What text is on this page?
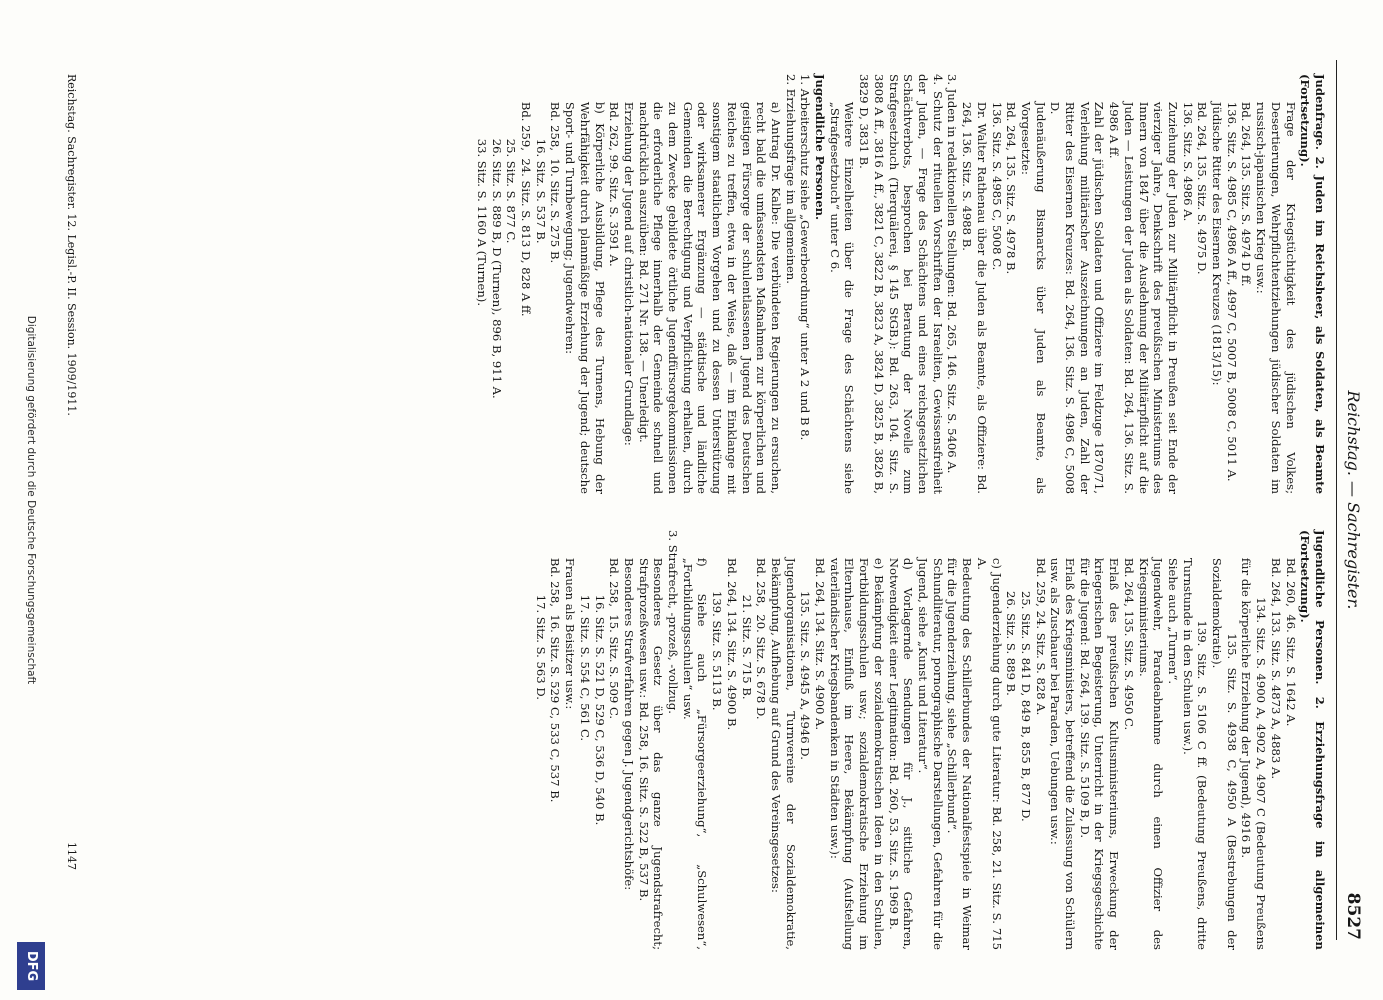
Reichstag. — Sachregister.
8527

Judenfrage. 2. Juden im Reichsheer, als Soldaten, als Beamte (Fortsetzung).

Frage der Kriegstüchtigkeit des jüdischen Volkes; Desertierungen, Wehrpflichtentziehungen jüdischer Soldaten im russisch-japanischen Krieg usw.:

Bd. 264, 135. Sitz. S. 4974 D ff.

136. Sitz. S. 4985 C, 4986 A ff., 4997 C, 5007 B, 5008 C, 5011 A.

Jüdische Ritter des Eisernen Kreuzes (1813/15):

Bd. 264, 135. Sitz. S. 4975 D.

136. Sitz. S. 4986 A.

Zuziehung der Juden zur Militärpflicht in Preußen seit Ende der vierziger Jahre, Denkschrift des preußischen Ministeriums des Innern von 1847 über die Ausdehnung der Militärpflicht auf die Juden — Leistungen der Juden als Soldaten: Bd. 264, 136. Sitz. S. 4986 A ff.

Zahl der jüdischen Soldaten und Offiziere im Feldzuge 1870/71, Verleihung militärischer Auszeichnungen an Juden, Zahl der Ritter des Eisernen Kreuzes: Bd. 264, 136. Sitz. S. 4986 C, 5008 D.

Judenäußerung Bismarcks über Juden als Beamte, als Vorgesetzte:

Bd. 264, 135. Sitz. S. 4978 B.

136. Sitz. S. 4985 C, 5008 C.

Dr. Walter Rathenau über die Juden als Beamte, als Offiziere: Bd. 264, 136. Sitz. S. 4988 B.

3. Juden in redaktionellen Stellungen: Bd. 265, 146. Sitz. S. 5406 A.

4. Schutz der rituellen Vorschriften der Israeliten, Gewissensfreiheit der Juden, — Frage des Schächtens und eines reichsgesetzlichen Schächtverbots, besprochen bei Beratung der Novelle zum Strafgesetzbuch (Tierquälerei, § 145 StGB.): Bd. 263, 104. Sitz. S. 3808 A ff., 3816 A ff., 3821 C, 3822 B, 3823 A, 3824 D, 3825 B, 3826 B, 3829 D, 3831 B.

Weitere Einzelheiten über die Frage des Schächtens siehe „Strafgesetzbuch“ unter C 6.

Jugendliche Personen.

1. Arbeiterschutz siehe „Gewerbeordnung“ unter A 2 und B 8.

2. Erziehungsfrage im allgemeinen.

a) Antrag Dr. Kalbe: Die verbündeten Regierungen zu ersuchen, recht bald die umfassendsten Maßnahmen zur körperlichen und geistigen Fürsorge der schulentlassenen Jugend des Deutschen Reiches zu treffen, etwa in der Weise, daß — im Einklange mit sonstigem staatlichem Vorgehen und zu dessen Unterstützung oder wirksamerer Ergänzung — städtische und ländliche Gemeinden die Berechtigung und Verpflichtung erhalten, durch zu dem Zwecke gebildete örtliche Jugendfürsorgekommissionen die erforderliche Pflege innerhalb der Gemeinde schnell und nachdrücklich auszuüben: Bd. 271 Nr. 138. — Unerledigt.

Erziehung der Jugend auf christlich-nationaler Grundlage:

Bd. 262, 99. Sitz. S. 3591 A.

b) Körperliche Ausbildung, Pflege des Turnens, Hebung der Wehrfähigkeit durch planmäßige Erziehung der Jugend; deutsche Sport- und Turnbewegung; Jugendwehren:

Bd. 258,  10. Sitz. S. 275 B.

16. Sitz. S. 537 B.

Bd. 259,  24. Sitz. S. 813 D, 828 A ff.

25. Sitz. S. 877 C.

26. Sitz. S. 889 B, D (Turnen), 896 B, 911 A.

33. Sitz. S. 1160 A (Turnen).

Jugendliche Personen. 2. Erziehungsfrage im allgemeinen (Fortsetzung).

Bd. 260,  46. Sitz. S. 1642 A.

Bd. 264, 133. Sitz. S. 4873 A, 4883 A.

134. Sitz. S. 4900 A, 4902 A, 4907 C (Bedeutung Preußens für die körperliche Erziehung der Jugend), 4916 B.

135. Sitz. S. 4938 C, 4950 A (Bestrebungen der Sozialdemokratie).

139. Sitz. S. 5106 C ff. (Bedeutung Preußens, dritte Turnstunde in den Schulen usw.).

Siehe auch „Turnen“.

Jugendwehr, Paradeabnahme durch einen Offizier des Kriegsministeriums.

Bd. 264, 135. Sitz. S. 4950 C.

Erlaß des preußischen Kultusministeriums, Erweckung der kriegerischen Begeisterung, Unterricht in der Kriegsgeschichte für die Jugend: Bd. 264, 139. Sitz. S. 5109 B, D.

Erlaß des Kriegsministers, betreffend die Zulassung von Schülern usw. als Zuschauer bei Paraden, Uebungen usw.:

Bd. 259, 24. Sitz. S. 828 A.

25. Sitz. S. 841 D, 849 B, 855 B, 877 D.

26. Sitz. S. 889 B.

c) Jugenderziehung durch gute Literatur: Bd. 258, 21. Sitz. S. 715 A.

Bedeutung des Schillerbundes der Nationalfestspiele in Weimar für die Jugenderziehung, siehe „Schillerbund“.

Schundliteratur, pornographische Darstellungen, Gefahren für die Jugend, siehe „Kunst und Literatur“.

d) Vorlagernde Sendungen für J., sittliche Gefahren, Notwendigkeit einer Legitimation: Bd. 260, 53. Sitz. S. 1969 B.

e) Bekämpfung der sozialdemokratischen Ideen in den Schulen, Fortbildungsschulen usw.; sozialdemokratische Erziehung im Elternhause, Einfluß im Heere, Bekämpfung (Aufstellung vaterländischer Kriegsbandenken in Städten usw.):

Bd. 264, 134. Sitz. S. 4900 A.

135. Sitz. S. 4945 A, 4946 D.

Jugendorganisationen, Turnvereine der Sozialdemokratie, Bekämpfung, Aufhebung auf Grund des Vereinsgesetzes:

Bd. 258,  20. Sitz. S. 678 D.

21. Sitz. S. 715 B.

Bd. 264, 134. Sitz. S. 4900 B.

139. Sitz. S. 5113 B.

f) Siehe auch „Fürsorgeerziehung“, „Schulwesen“, „Fortbildungsschulen“ usw.

3. Strafrecht, -prozeß, -vollzug.

Besonderes Gesetz über das ganze Jugendstrafrecht; Strafprozeßwesen usw.: Bd. 258, 16. Sitz. S. 522 B, 537 B.

Besonderes Strafverfahren gegen J. Jugendgerichtshöfe:

Bd. 258,  15. Sitz. S. 509 C.

16. Sitz. S. 521 D, 529 C, 536 D, 540 B.

17. Sitz. S. 554 C, 561 C.

Frauen als Beisitzer usw.:

Bd. 258,  16. Sitz. S. 529 C, 533 C, 537 B.

17. Sitz. S. 563 D.

Reichstag. Sachregister. 12. Legisl.-P. II. Session. 1909/1911.
1147
Digitalisierung gefördert durch die Deutsche Forschungsgemeinschaft
DFG
